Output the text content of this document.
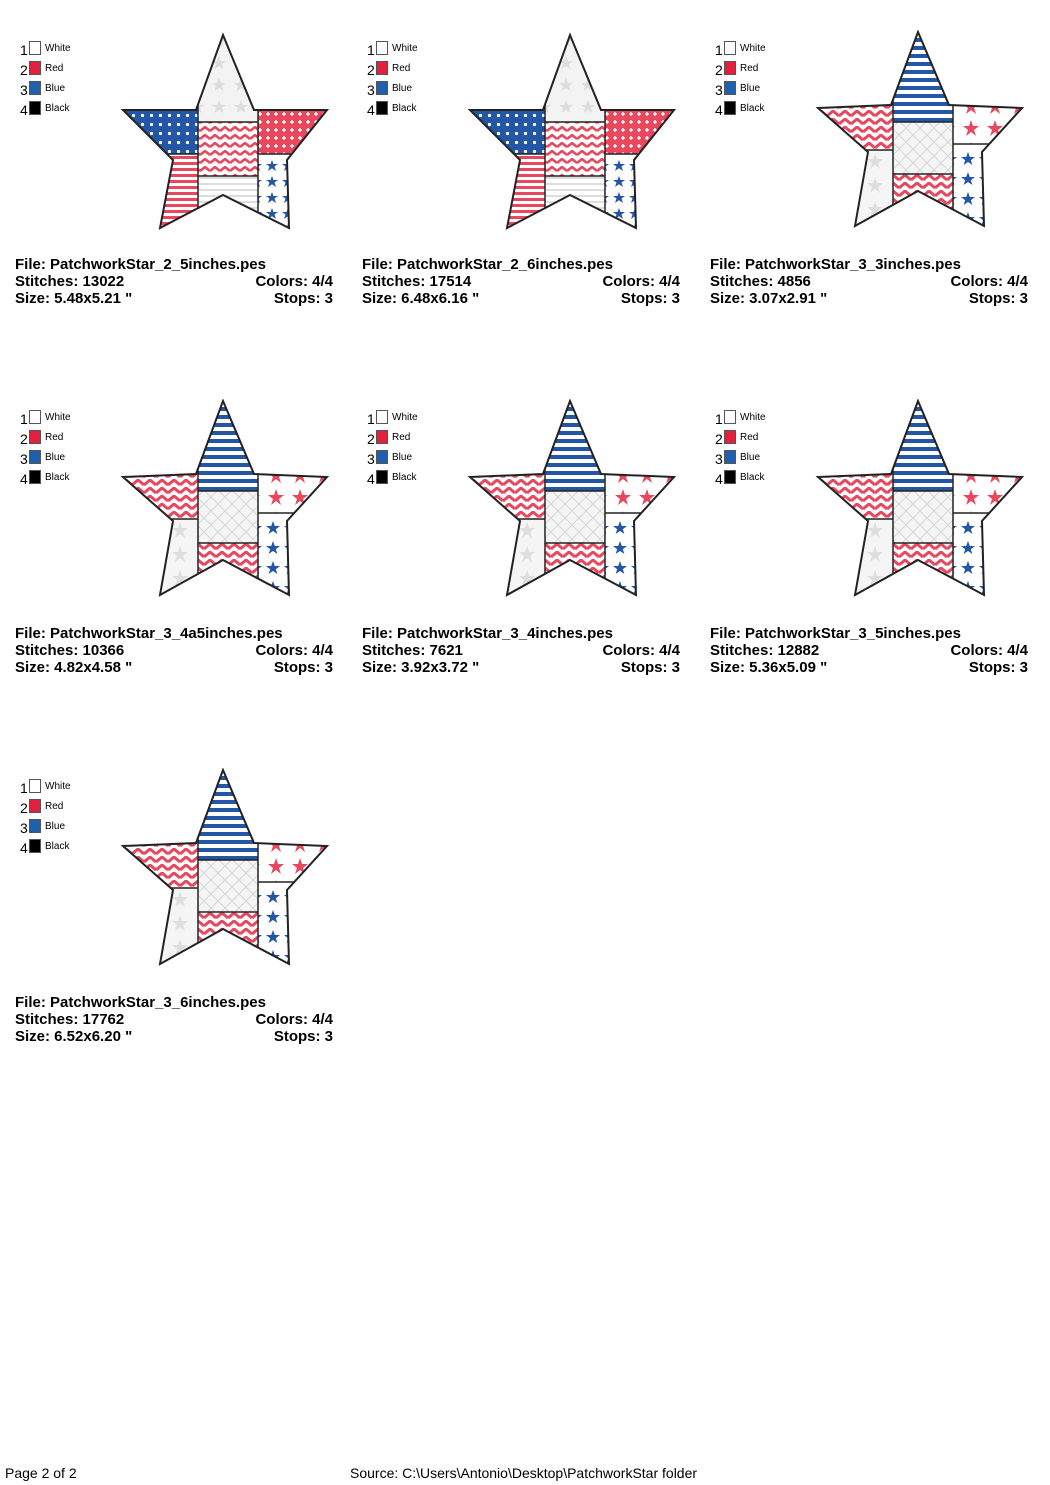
1 White
2 Red
3 Blue
4 Black
File: PatchworkStar_2_5inches.pes
Stitches: 13022	Colors: 4/4
Size: 5.48x5.21 "	Stops: 3
1 White
2 Red
3 Blue
4 Black
File: PatchworkStar_2_6inches.pes
Stitches: 17514	Colors: 4/4
Size: 6.48x6.16 "	Stops: 3
1 White
2 Red
3 Blue
4 Black
File: PatchworkStar_3_3inches.pes
Stitches: 4856	Colors: 4/4
Size: 3.07x2.91 "	Stops: 3
1 White
2 Red
3 Blue
4 Black
File: PatchworkStar_3_4a5inches.pes
Stitches: 10366	Colors: 4/4
Size: 4.82x4.58 "	Stops: 3
1 White
2 Red
3 Blue
4 Black
File: PatchworkStar_3_4inches.pes
Stitches: 7621	Colors: 4/4
Size: 3.92x3.72 "	Stops: 3
1 White
2 Red
3 Blue
4 Black
File: PatchworkStar_3_5inches.pes
Stitches: 12882	Colors: 4/4
Size: 5.36x5.09 "	Stops: 3
1 White
2 Red
3 Blue
4 Black
File: PatchworkStar_3_6inches.pes
Stitches: 17762	Colors: 4/4
Size: 6.52x6.20 "	Stops: 3
Page 2 of 2	Source: C:\Users\Antonio\Desktop\PatchworkStar folder
